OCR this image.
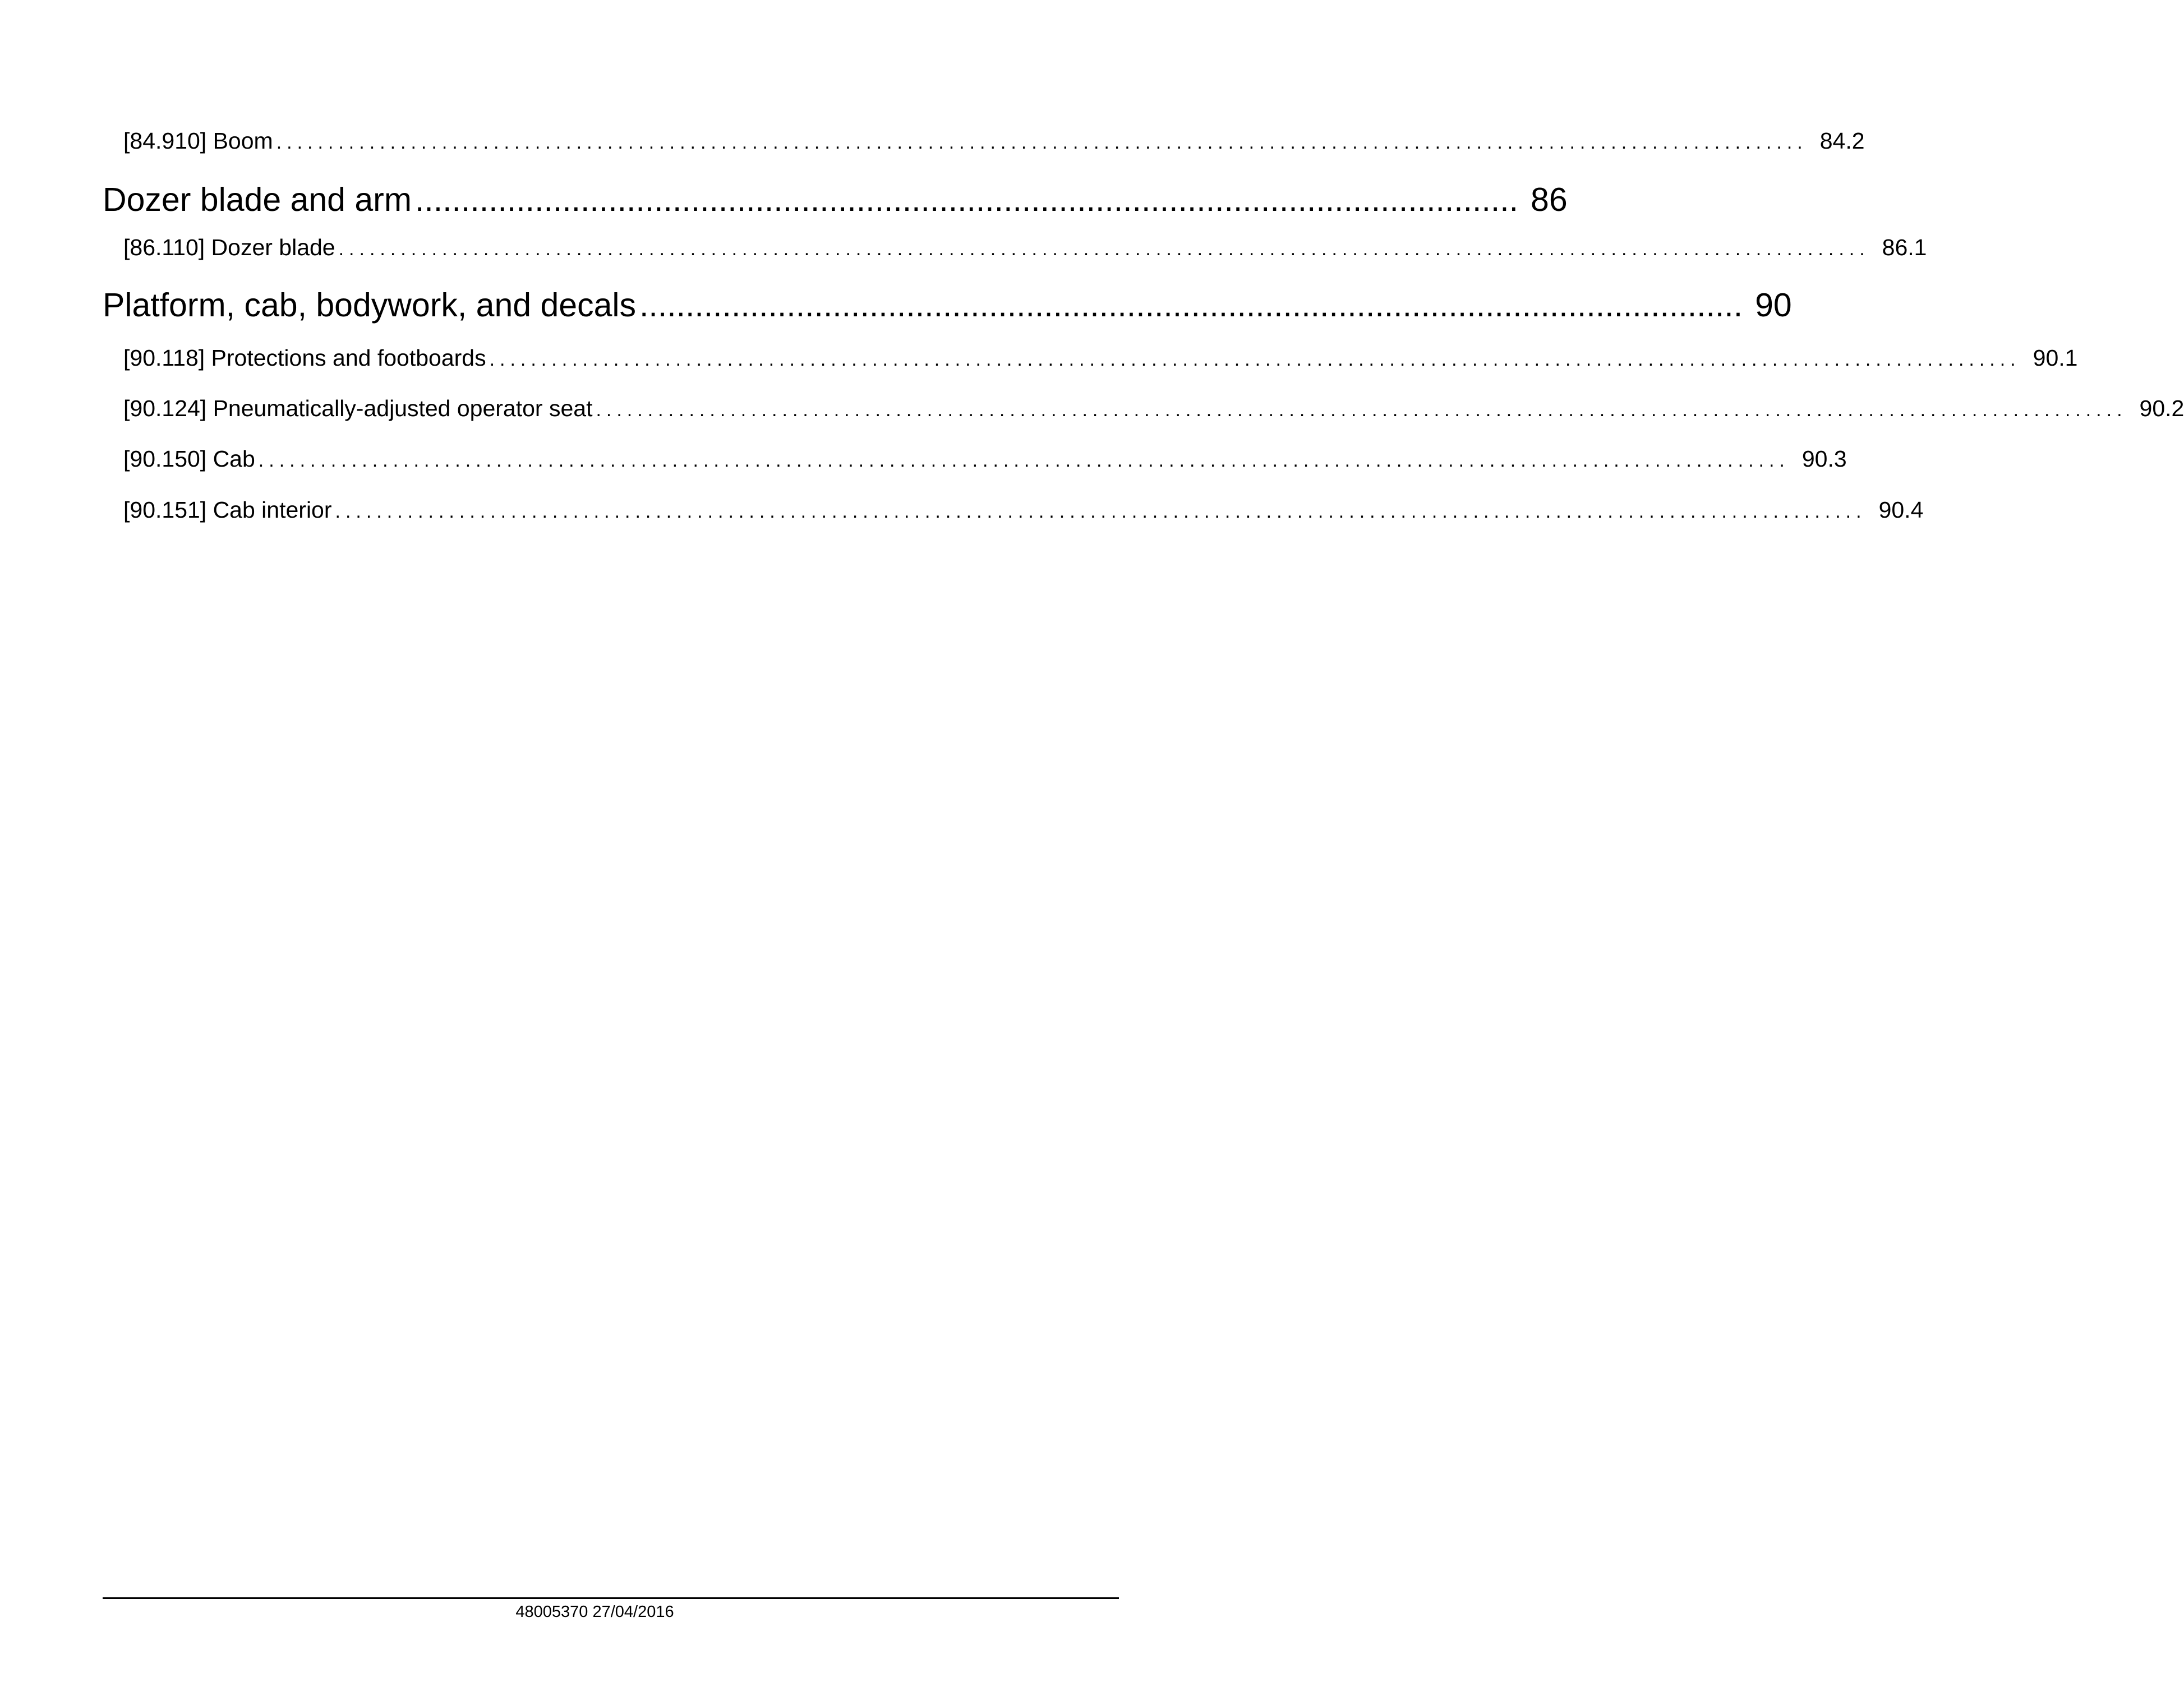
[84.910] Boom .................................................................................................................................................... 84.2
Dozer blade and arm ........................................................................................................................ 86
[86.110] Dozer blade .................................................................................................................................................... 86.1
Platform, cab, bodywork, and decals ........................................................................................................................ 90
[90.118] Protections and footboards .................................................................................................................................................... 90.1
[90.124] Pneumatically-adjusted operator seat .................................................................................................................................................... 90.2
[90.150] Cab .................................................................................................................................................... 90.3
[90.151] Cab interior .................................................................................................................................................... 90.4
48005370 27/04/2016
